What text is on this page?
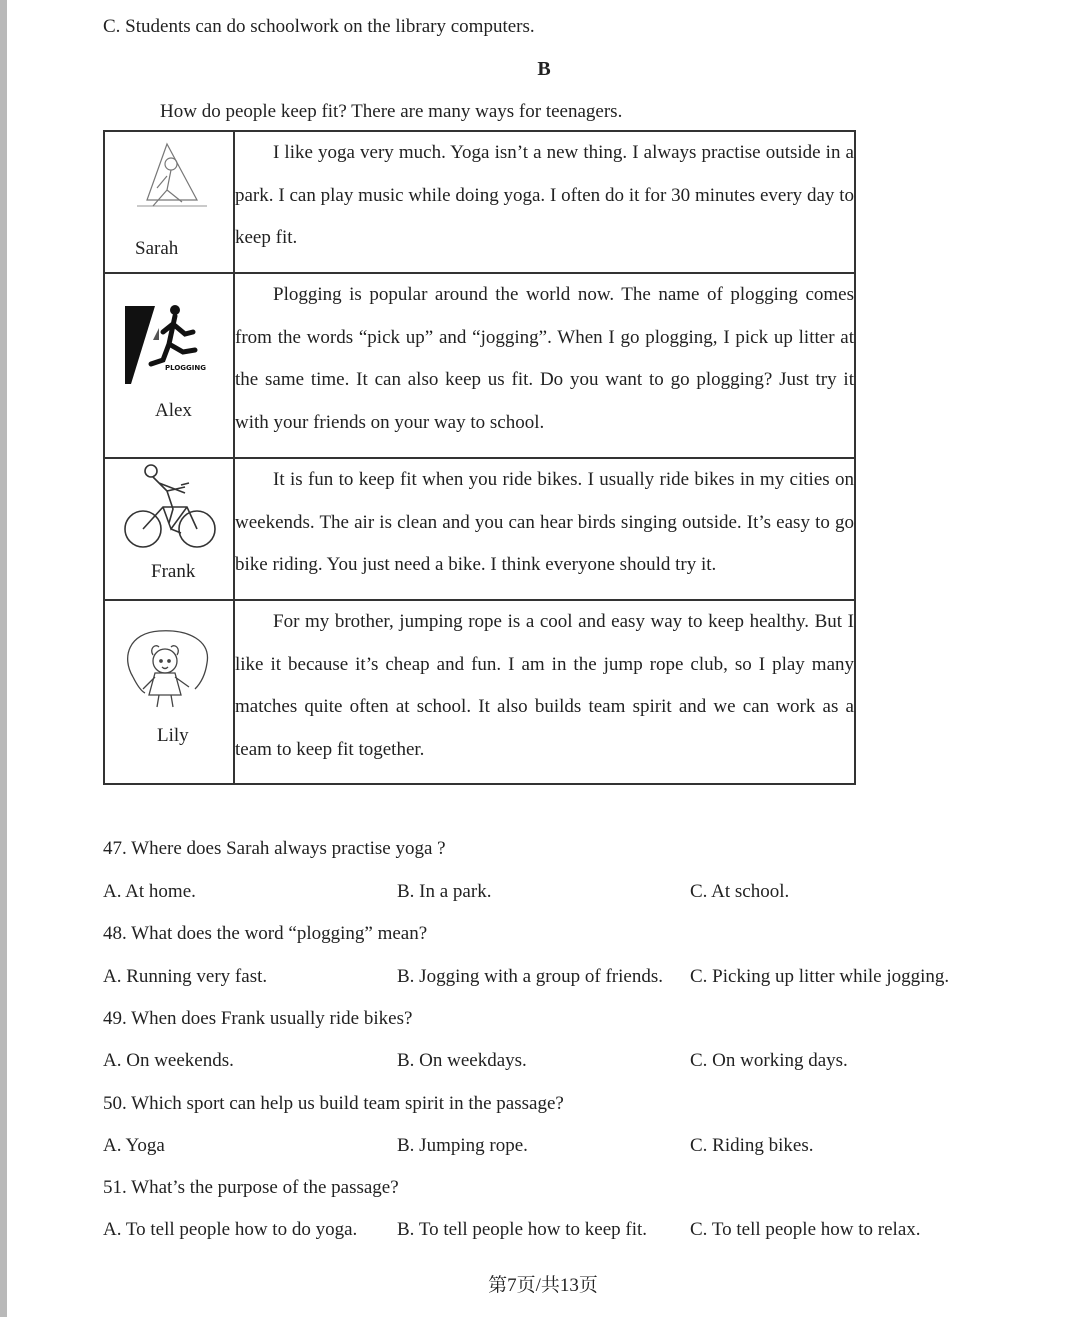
C. Students can do schoolwork on the library computers.
B
How do people keep fit? There are many ways for teenagers.
Sarah	I like yoga very much. Yoga isn’t a new thing. I always practise outside in a park. I can play music while doing yoga. I often do it for 30 minutes every day to keep fit.

PLOGGING
Alex	Plogging is popular around the world now. The name of plogging comes from the words “pick up” and “jogging”. When I go plogging, I pick up litter at the same time. It can also keep us fit. Do you want to go plogging? Just try it with your friends on your way to school.

Frank	It is fun to keep fit when you ride bikes. I usually ride bikes in my cities on weekends. The air is clean and you can hear birds singing outside. It’s easy to go bike riding. You just need a bike. I think everyone should try it.

Lily	For my brother, jumping rope is a cool and easy way to keep healthy. But I like it because it’s cheap and fun. I am in the jump rope club, so I play many matches quite often at school. It also builds team spirit and we can work as a team to keep fit together.

47. Where does Sarah always practise yoga ?
A. At home.	B. In a park.	C. At school.
48. What does the word “plogging” mean?
A. Running very fast.	B. Jogging with a group of friends. C. Picking up litter while jogging.
49. When does Frank usually ride bikes?
A. On weekends.	B. On weekdays.	C. On working days.
50. Which sport can help us build team spirit in the passage?
A. Yoga	B. Jumping rope.	C. Riding bikes.
51. What’s the purpose of the passage?
A. To tell people how to do yoga. B. To tell people how to keep fit. C. To tell people how to relax.
第7页/共13页
